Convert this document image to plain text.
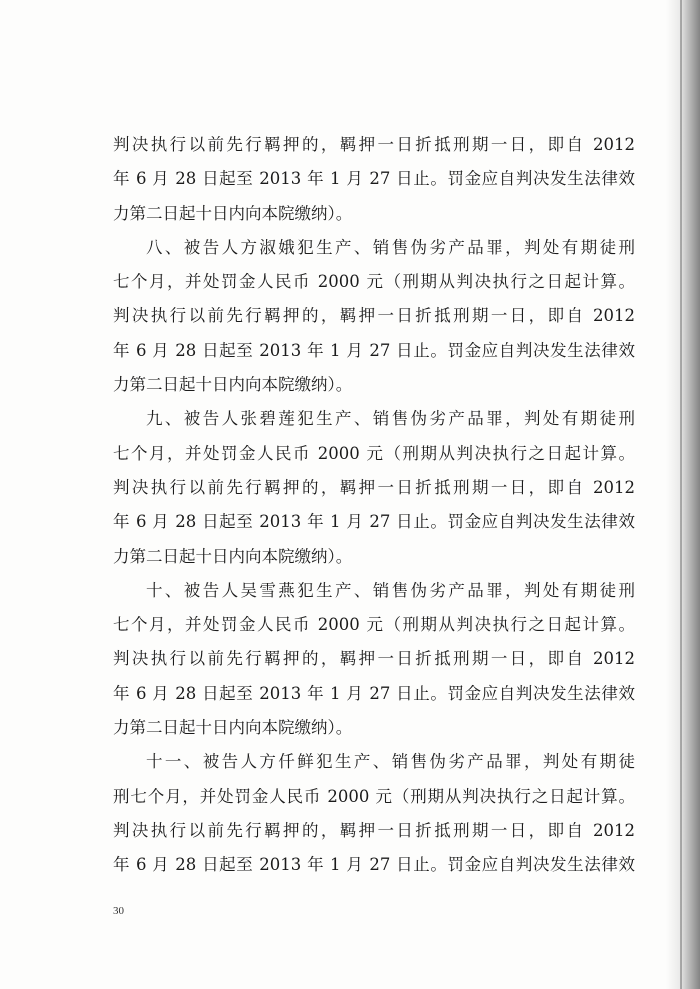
判决执行以前先行羁押的，羁押一日折抵刑期一日，即自 2012
年 6 月 28 日起至 2013 年 1 月 27 日止。罚金应自判决发生法律效
力第二日起十日内向本院缴纳）。
八、被告人方淑娥犯生产、销售伪劣产品罪，判处有期徒刑
七个月，并处罚金人民币 2000 元（刑期从判决执行之日起计算。
判决执行以前先行羁押的，羁押一日折抵刑期一日，即自 2012
年 6 月 28 日起至 2013 年 1 月 27 日止。罚金应自判决发生法律效
力第二日起十日内向本院缴纳）。
九、被告人张碧莲犯生产、销售伪劣产品罪，判处有期徒刑
七个月，并处罚金人民币 2000 元（刑期从判决执行之日起计算。
判决执行以前先行羁押的，羁押一日折抵刑期一日，即自 2012
年 6 月 28 日起至 2013 年 1 月 27 日止。罚金应自判决发生法律效
力第二日起十日内向本院缴纳）。
十、被告人吴雪燕犯生产、销售伪劣产品罪，判处有期徒刑
七个月，并处罚金人民币 2000 元（刑期从判决执行之日起计算。
判决执行以前先行羁押的，羁押一日折抵刑期一日，即自 2012
年 6 月 28 日起至 2013 年 1 月 27 日止。罚金应自判决发生法律效
力第二日起十日内向本院缴纳）。
十一、被告人方仟鲜犯生产、销售伪劣产品罪，判处有期徒
刑七个月，并处罚金人民币 2000 元（刑期从判决执行之日起计算。
判决执行以前先行羁押的，羁押一日折抵刑期一日，即自 2012
年 6 月 28 日起至 2013 年 1 月 27 日止。罚金应自判决发生法律效
30
